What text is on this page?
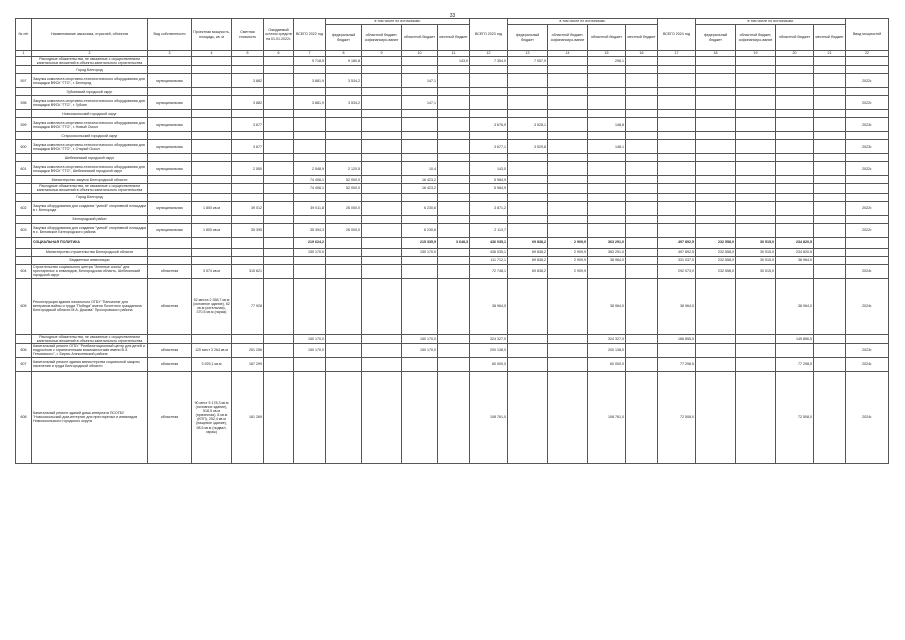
33
№ п/п	Наименование заказчика, отраслей, объектов	Вид собственности	Проектная мощность, площадь, кв. м	Сметная стоимость	Ожидаемый остаток средств на 01.01.2022г.	ВСЕГО 2022 год	в том числе по источникам:				ВСЕГО 2023 год	в том числе по источникам:				ВСЕГО 2024 год	в том числе по источникам:				Ввод мощностей
							федеральный бюджет	областной бюджет, софинансиро-вание	областной бюджет	местный бюджет		федеральный бюджет	областной бюджет, софинансиро-вание	областной бюджет	местный бюджет		федеральный бюджет	областной бюджет, софинансиро-вание	областной бюджет	местный бюджет	
1	2	3	4	5	6	7	8	9	10	11	12	13	14	15	16	17	18	19	20	21	22
	Расходные обязательства, не связанные с осуществлением капитальных вложений в объекты капитального строительства					9 718,5	9 180,8			143,0	7 354,0	7 057,9		296,1							
	Город Белгород																				
597	Закупка комплекта спортивно-технологического оборудования для площадки ВФСК "ГТО", г. Белгород	муниципальная		3 882		3 881,9	3 534,2		147,1												2022г.
	Губкинский городской округ																				
598	Закупка комплекта спортивно-технологического оборудования для площадки ВФСК "ГТО", г. Губкин	муниципальная		3 882		3 881,9	3 534,2		147,1												2022г.
	Новооскольский городской округ																				
599	Закупка комплекта спортивно-технологического оборудования для площадки ВФСК "ГТО", г. Новый Оскол	муниципальная		3 677							3 676,9	3 528,1		148,8							2023г.
	Старооскольский городской округ																				
600	Закупка комплекта спортивно-технологического оборудования для площадки ВФСК "ГТО", г. Старый Оскол	муниципальная		3 677							3 677,1	3 529,8		148,1							2023г.
	Шебекинский городской округ																				
601	Закупка комплекта спортивно-технологического оборудования для площадки ВФСК "ГТО", Шебекинский городской округ	муниципальная		2 550		2 548,9	2 120,5		10,4		143,0										2022г.
	Министерство закупок Белгородской области					74 406,1	52 000,0		16 423,2		5 984,9										
	Расходные обязательства, не связанные с осуществлением капитальных вложений в объекты капитального строительства					74 406,1	52 000,0		16 423,2		5 984,9										
	Город Белгород																				
602	Закупка оборудования для создания "умной" спортивной площадки в г. Белгороде	муниципальная	1 800 кв.м	39 012		39 011,8	26 000,0		6 230,6		3 871,2										2022г.
	Белгородский район																				
603	Закупка оборудования для создания "умной" спортивной площадки в с. Беловское Белгородского района	муниципальная	1 800 кв.м	35 395		35 394,3	26 000,0		6 230,6		2 113,7										2022г.
	СОЦИАЛЬНАЯ ПОЛИТИКА					219 624,2			215 335,9	3 648,3	436 035,1	69 838,2	2 909,9	363 291,0		497 892,5	232 558,0	30 515,0	234 820,5		
	Министерство строительства Белгородской области					150 170,0			150 170,0		436 035,1	69 838,2	2 909,9	363 291,0		497 892,5	232 558,0	30 515,0	234 820,5		
	Бюджетные инвестиции										111 712,1	69 838,2	2 909,9	38 964,0		331 037,0	232 558,0	30 515,0	38 964,0		
604	Строительство социального центра "Зеленые сосны" для престарелых и инвалидов, Белгородская область, Шебекинский городской округ	областная	3 574 кв.м	315 621							72 748,1	69 838,2	2 909,9			292 073,0	232 558,0	30 515,0			2024г.
605	Реконструкция здания начального ОГБУ "Пансионат для ветеранов войны и труда "Победа" имени Почетного гражданина Белгородской области М.А. Дюкова" Прохоровского района	областная	52 места 2 358,7 кв.м (основное здание), 62 кв.м (котельная), 370,5 кв.м (гараж)	77 928							38 964,0			38 964,0		38 964,0			38 964,0		2024г.
	Расходные обязательства, не связанные с осуществлением капитальных вложений в объекты капитального строительства					150 170,0			150 170,0		324 327,0			324 327,0		166 855,5			149 856,5		
606	Капитальный ремонт ОГБУ "Реабилитационный центр для детей и подростков с ограниченными возможностями имени В.З. Гетманского", г. Бирюч Алексеевский района	областная	120 мест 3 264 кв.м	251 256		150 170,0			150 170,0		200 138,0			200 138,0							2023г.
607	Капитальный ремонт здания министерства социальной защиты населения и труда Белгородской области	областная	3 925,1 кв.м	167 299							60 000,0			60 000,0		77 298,5			77 298,5		2024г.
608	Капитальный ремонт зданий дома-интерната ПСОГБУ "Новооскольский дом-интернат для престарелых и инвалидов Новооскольского городского округа	областная	90 мест 5 178,3 кв.м (основное здание), 518,5 кв.м (прачечная), 8 кв.м (КПП), 252,4 кв.м (пищевое здание), 98,5 кв.м (подвал, гараж)	181 269							108 761,0			108 761,0		72 508,0			72 508,0		2024г.
